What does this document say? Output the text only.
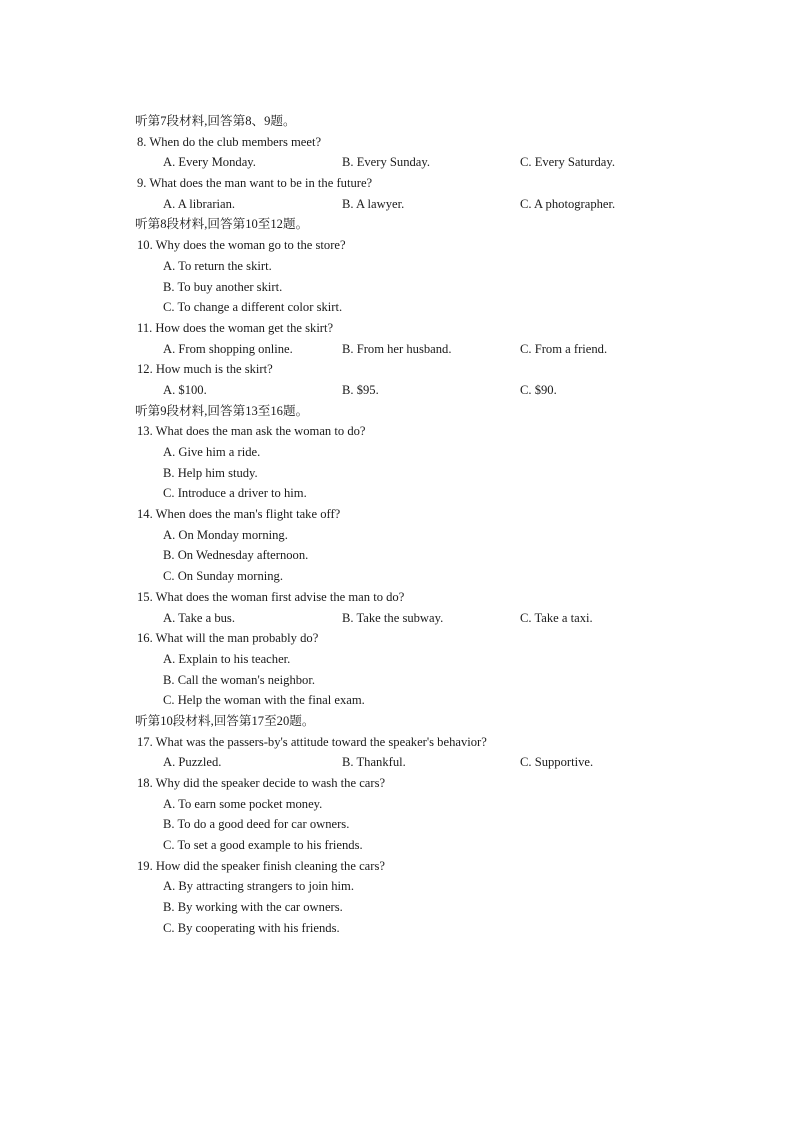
听第7段材料,回答第8、9题。
8. When do the club members meet?
A. Every Monday.	B. Every Sunday.	C. Every Saturday.
9. What does the man want to be in the future?
A. A librarian.	B. A lawyer.	C. A photographer.
听第8段材料,回答第10至12题。
10. Why does the woman go to the store?
A. To return the skirt.
B. To buy another skirt.
C. To change a different color skirt.
11. How does the woman get the skirt?
A. From shopping online.	B. From her husband.	C. From a friend.
12. How much is the skirt?
A. $100.	B. $95.	C. $90.
听第9段材料,回答第13至16题。
13. What does the man ask the woman to do?
A. Give him a ride.
B. Help him study.
C. Introduce a driver to him.
14. When does the man's flight take off?
A. On Monday morning.
B. On Wednesday afternoon.
C. On Sunday morning.
15. What does the woman first advise the man to do?
A. Take a bus.	B. Take the subway.	C. Take a taxi.
16. What will the man probably do?
A. Explain to his teacher.
B. Call the woman's neighbor.
C. Help the woman with the final exam.
听第10段材料,回答第17至20题。
17. What was the passers-by's attitude toward the speaker's behavior?
A. Puzzled.	B. Thankful.	C. Supportive.
18. Why did the speaker decide to wash the cars?
A. To earn some pocket money.
B. To do a good deed for car owners.
C. To set a good example to his friends.
19. How did the speaker finish cleaning the cars?
A. By attracting strangers to join him.
B. By working with the car owners.
C. By cooperating with his friends.
